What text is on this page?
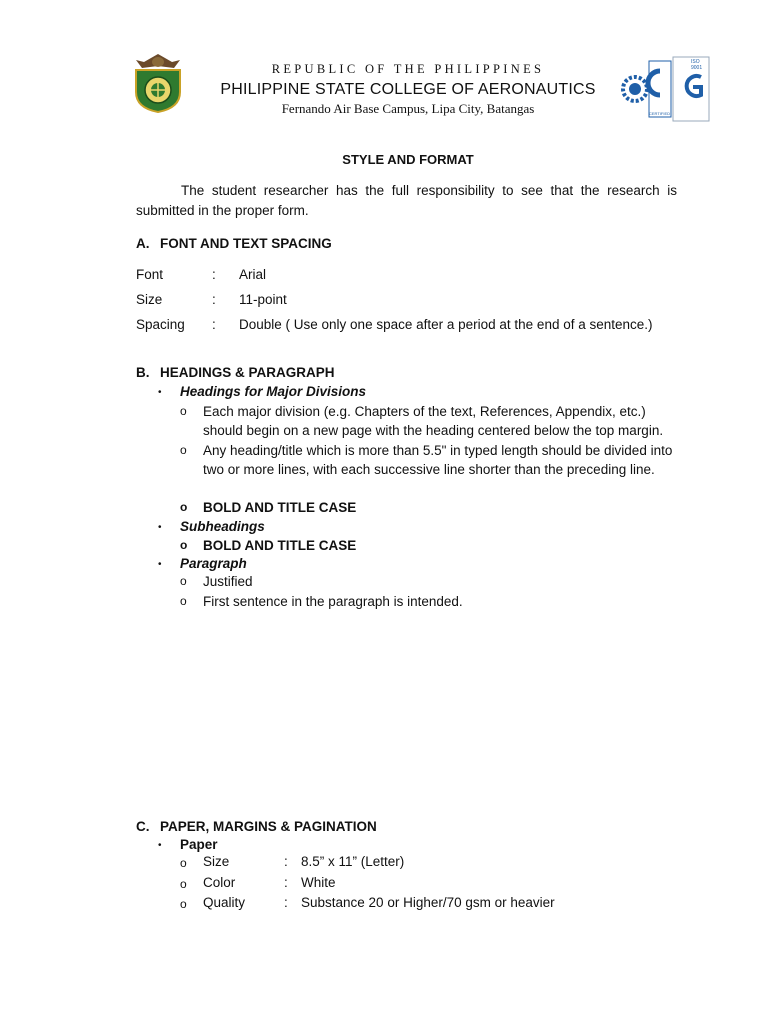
ISO 9001
CERTIFIED
REPUBLIC OF THE PHILIPPINES
PHILIPPINE STATE COLLEGE OF AERONAUTICS
Fernando Air Base Campus, Lipa City, Batangas
STYLE AND FORMAT
The student researcher has the full responsibility to see that the research is submitted in the proper form.
A. FONT AND TEXT SPACING
Font	: Arial
Size	: 11-point
Spacing : Double ( Use only one space after a period at the end of a sentence.)
B. HEADINGS & PARAGRAPH
• Headings for Major Divisions
o Each major division (e.g. Chapters of the text, References, Appendix, etc.) should begin on a new page with the heading centered below the top margin.
o Any heading/title which is more than 5.5" in typed length should be divided into two or more lines, with each successive line shorter than the preceding line.
o BOLD AND TITLE CASE
• Subheadings
o BOLD AND TITLE CASE
• Paragraph
o Justified
o First sentence in the paragraph is intended.
C. PAPER, MARGINS & PAGINATION
• Paper
o Size	: 8.5” x 11” (Letter)
o Color	: White
o Quality	: Substance 20 or Higher/70 gsm or heavier
